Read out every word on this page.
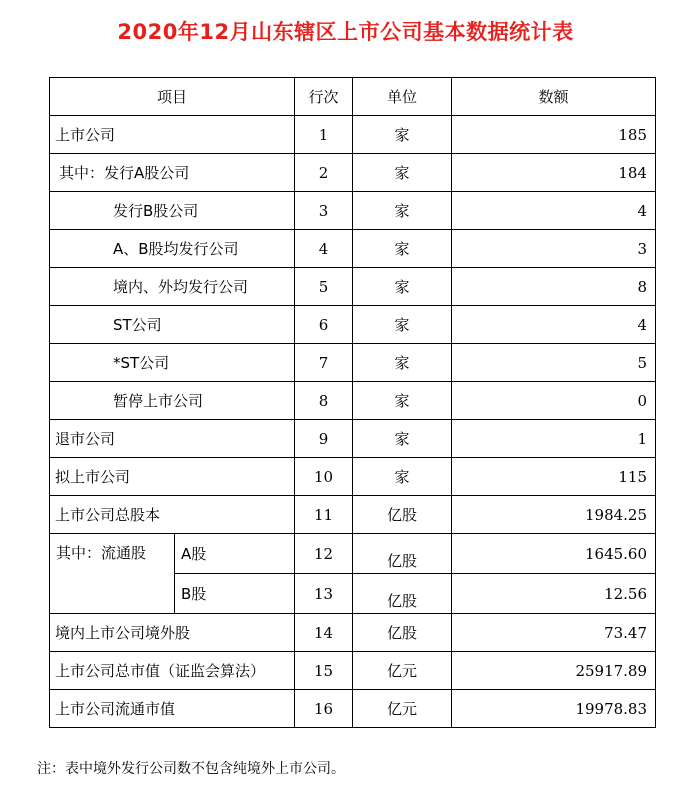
2020年12月山东辖区上市公司基本数据统计表
项目		行次	单位	数额
上市公司		1	家	185
其中：发行A股公司		2	家	184
发行B股公司		3	家	4
A、B股均发行公司		4	家	3
境内、外均发行公司		5	家	8
ST公司		6	家	4
*ST公司		7	家	5
暂停上市公司		8	家	0
退市公司		9	家	1
拟上市公司		10	家	115
上市公司总股本		11	亿股	1984.25
其中：流通股	A股	12	亿股	1645.60
	B股	13	亿股	12.56
境内上市公司境外股		14	亿股	73.47
上市公司总市值（证监会算法）		15	亿元	25917.89
上市公司流通市值		16	亿元	19978.83
注：表中境外发行公司数不包含纯境外上市公司。
